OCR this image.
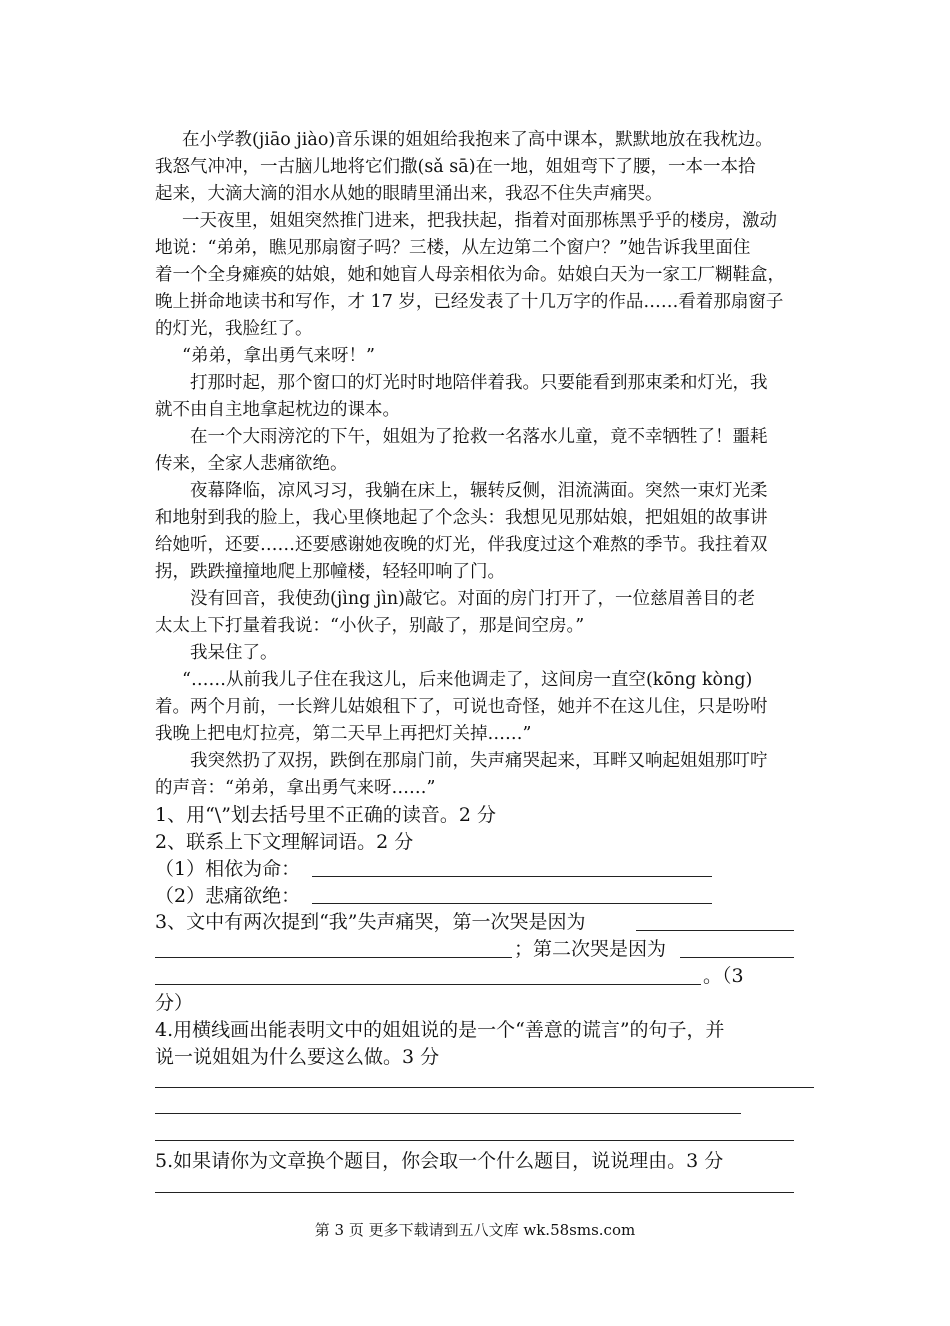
在小学教(jiāo jiào)音乐课的姐姐给我抱来了高中课本，默默地放在我枕边。
我怒气冲冲，一古脑儿地将它们撒(sǎ sā)在一地，姐姐弯下了腰，一本一本拾
起来，大滴大滴的泪水从她的眼睛里涌出来，我忍不住失声痛哭。
一天夜里，姐姐突然推门进来，把我扶起，指着对面那栋黑乎乎的楼房，激动
地说：“弟弟，瞧见那扇窗子吗？三楼，从左边第二个窗户？”她告诉我里面住
着一个全身瘫痪的姑娘，她和她盲人母亲相依为命。姑娘白天为一家工厂糊鞋盒，
晚上拼命地读书和写作，才 17 岁，已经发表了十几万字的作品……看着那扇窗子
的灯光，我脸红了。
“弟弟，拿出勇气来呀！”
打那时起，那个窗口的灯光时时地陪伴着我。只要能看到那束柔和灯光，我
就不由自主地拿起枕边的课本。
在一个大雨滂沱的下午，姐姐为了抢救一名落水儿童，竟不幸牺牲了！噩耗
传来，全家人悲痛欲绝。
夜幕降临，凉风习习，我躺在床上，辗转反侧，泪流满面。突然一束灯光柔
和地射到我的脸上，我心里倏地起了个念头：我想见见那姑娘，把姐姐的故事讲
给她听，还要……还要感谢她夜晚的灯光，伴我度过这个难熬的季节。我拄着双
拐，跌跌撞撞地爬上那幢楼，轻轻叩响了门。
没有回音，我使劲(jìng jìn)敲它。对面的房门打开了，一位慈眉善目的老
太太上下打量着我说：“小伙子，别敲了，那是间空房。”
我呆住了。
“……从前我儿子住在我这儿，后来他调走了，这间房一直空(kōng kòng)
着。两个月前，一长辫儿姑娘租下了，可说也奇怪，她并不在这儿住，只是吩咐
我晚上把电灯拉亮，第二天早上再把灯关掉……”
我突然扔了双拐，跌倒在那扇门前，失声痛哭起来，耳畔又响起姐姐那叮咛
的声音：“弟弟，拿出勇气来呀……”
1、用“\”划去括号里不正确的读音。2 分
2、联系上下文理解词语。2 分
（1）相依为命：
（2）悲痛欲绝：
3、文中有两次提到“我”失声痛哭，第一次哭是因为
；第二次哭是因为
。（3
分）
4.用横线画出能表明文中的姐姐说的是一个“善意的谎言”的句子，并
说一说姐姐为什么要这么做。3 分
5.如果请你为文章换个题目，你会取一个什么题目，说说理由。3 分
第 3 页 更多下载请到五八文库 wk.58sms.com
